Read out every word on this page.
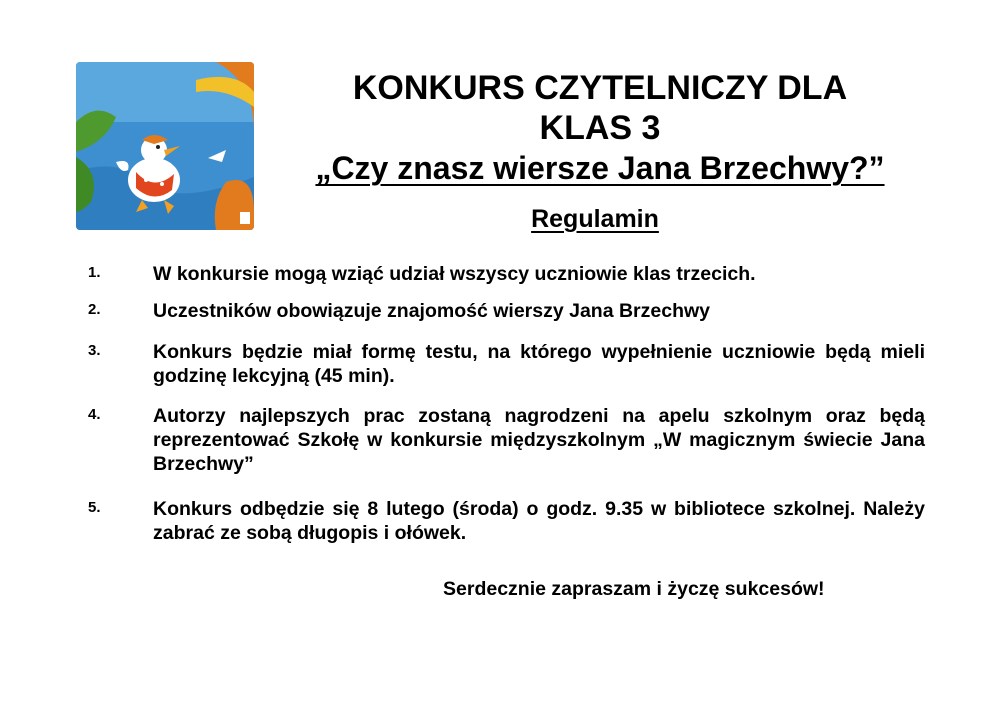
KONKURS CZYTELNICZY DLA
KLAS 3
„Czy znasz wiersze Jana Brzechwy?”
Regulamin
1.	W konkursie mogą wziąć udział wszyscy uczniowie klas trzecich.
2.	Uczestników obowiązuje znajomość wierszy Jana Brzechwy
3.	Konkurs będzie miał formę testu, na którego wypełnienie uczniowie będą mieli godzinę lekcyjną (45 min).
4.	Autorzy najlepszych prac zostaną nagrodzeni na apelu szkolnym oraz będą reprezentować Szkołę w konkursie międzyszkolnym „W magicznym świecie Jana Brzechwy”
5.	Konkurs odbędzie się 8 lutego (środa) o godz. 9.35 w bibliotece szkolnej. Należy zabrać ze sobą długopis i ołówek.
Serdecznie zapraszam i życzę sukcesów!
